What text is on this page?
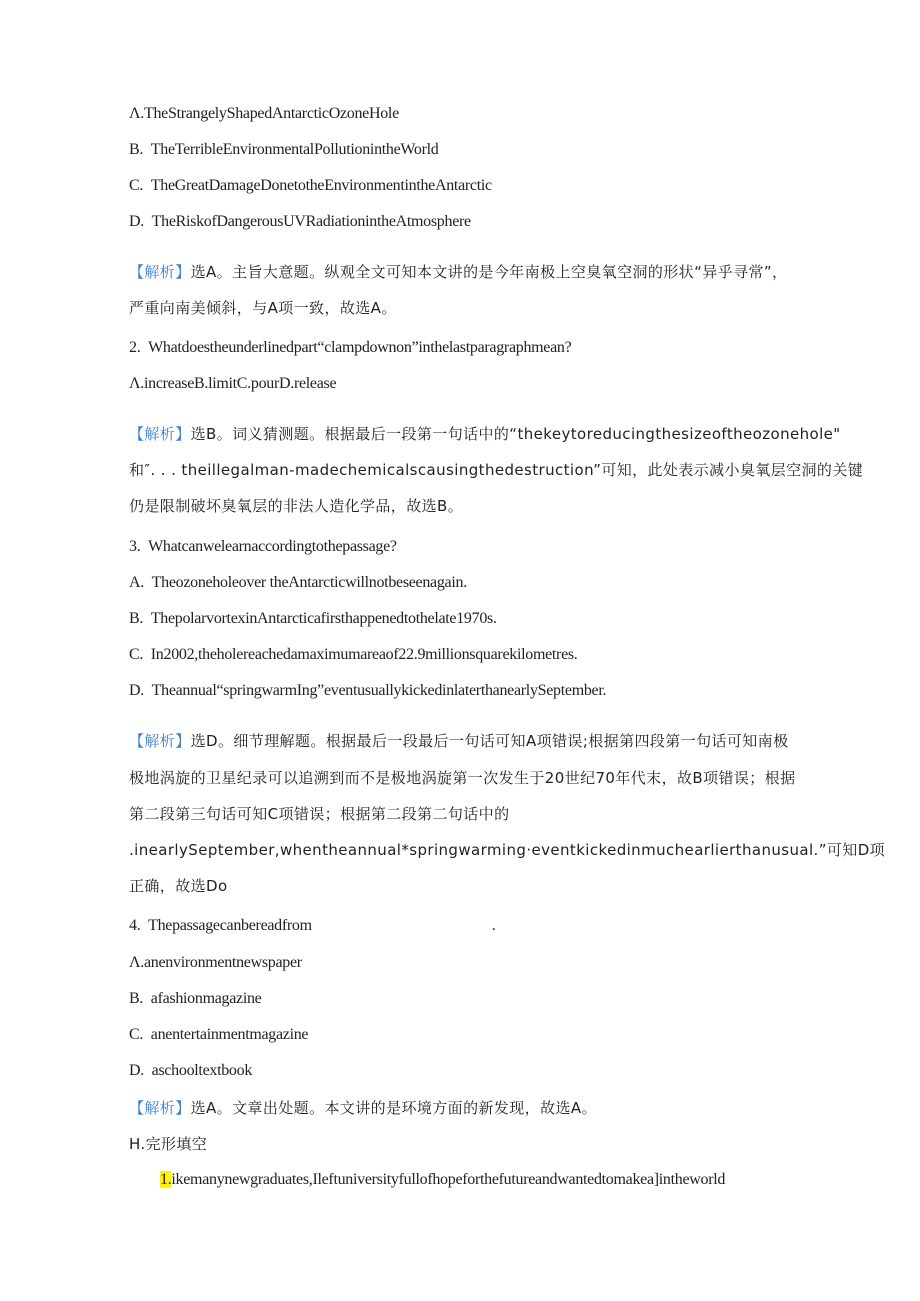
Λ.TheStrangelyShapedAntarcticOzoneHole
B. TheTerribleEnvironmentalPollutionintheWorld
C. TheGreatDamageDonetotheEnvironmentintheAntarctic
D. TheRiskofDangerousUVRadiationintheAtmosphere
【解析】选A。主旨大意题。纵观全文可知本文讲的是今年南极上空臭氧空洞的形状“异乎寻常”，
严重向南美倾斜，与A项一致，故选A。
2. Whatdoestheunderlinedpart“clampdownon”inthelastparagraphmean?
Λ.increaseB.limitC.pourD.release
【解析】选B。词义猜测题。根据最后一段第一句话中的“thekeytoreducingthesizeoftheozonehole"
和″. . . theillegalman-madechemicalscausingthedestruction”可知，此处表示减小臭氧层空洞的关键
仍是限制破坏臭氧层的非法人造化学品，故选B。
3. Whatcanwelearnaccordingtothepassage?
A. Theozoneholeover theAntarcticwillnotbeseenagain.
B. ThepolarvortexinAntarcticafirsthappenedtothelate1970s.
C. In2002,theholereachedamaximumareaof22.9millionsquarekilometres.
D. Theannual“springwarmIng”eventusuallykickedinlaterthanearlySeptember.
【解析】选D。细节理解题。根据最后一段最后一句话可知A项错误;根据第四段第一句话可知南极
极地涡旋的卫星纪录可以追溯到而不是极地涡旋第一次发生于20世纪70年代末，故B项错误；根据
第二段第三句话可知C项错误；根据第二段第二句话中的
.inearlySeptember,whentheannual*springwarming·eventkickedinmuchearlierthanusual.”可知D项
正确，故选Do
4. Thepassagecanbereadfrom	.
Λ.anenvironmentnewspaper
B. afashionmagazine
C. anentertainmentmagazine
D. aschooltextbook
【解析】选A。文章出处题。本文讲的是环境方面的新发现，故选A。
H.完形填空
1.ikemanynewgraduates,Ileftuniversityfullofhopeforthefutureandwantedtomakea]intheworld
